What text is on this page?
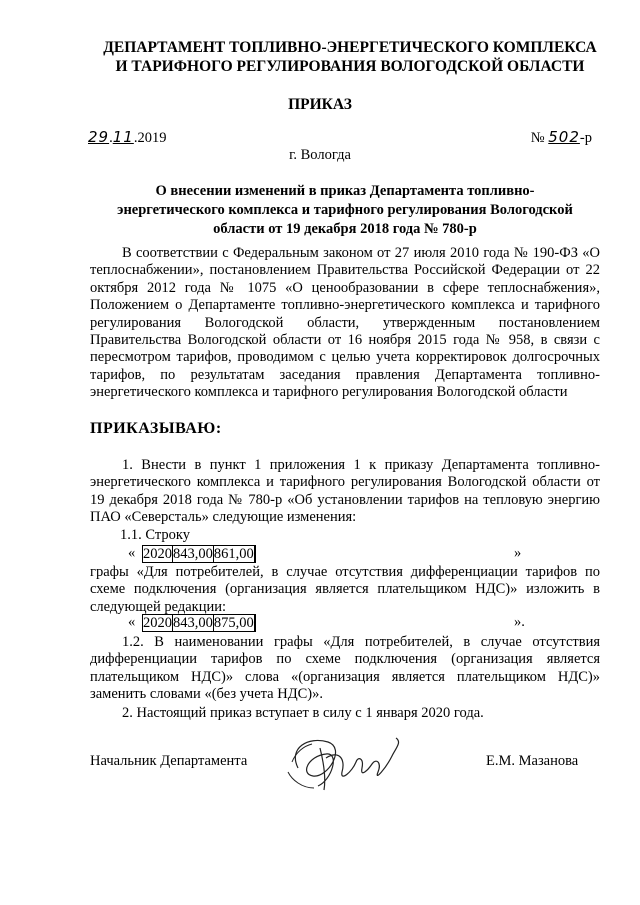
ДЕПАРТАМЕНТ ТОПЛИВНО-ЭНЕРГЕТИЧЕСКОГО КОМПЛЕКСА
И ТАРИФНОГО РЕГУЛИРОВАНИЯ ВОЛОГОДСКОЙ ОБЛАСТИ
ПРИКАЗ
29.11.2019	№ 502-р
г. Вологда
О внесении изменений в приказ Департамента топливно-
энергетического комплекса и тарифного регулирования Вологодской
области от 19 декабря 2018 года № 780-р
В соответствии с Федеральным законом от 27 июля 2010 года № 190-ФЗ «О теплоснабжении», постановлением Правительства Российской Федерации от 22 октября 2012 года № 1075 «О ценообразовании в сфере теплоснабжения», Положением о Департаменте топливно-энергетического комплекса и тарифного регулирования Вологодской области, утвержденным постановлением Правительства Вологодской области от 16 ноября 2015 года № 958, в связи с пересмотром тарифов, проводимом с целью учета корректировок долгосрочных тарифов, по результатам заседания правления Департамента топливно-энергетического комплекса и тарифного регулирования Вологодской области
ПРИКАЗЫВАЮ:
1. Внести в пункт 1 приложения 1 к приказу Департамента топливно-энергетического комплекса и тарифного регулирования Вологодской области от 19 декабря 2018 года № 780-р «Об установлении тарифов на тепловую энергию ПАО «Северсталь» следующие изменения:
1.1. Строку
« 2020	843,00	861,00		»
графы «Для потребителей, в случае отсутствия дифференциации тарифов по схеме подключения (организация является плательщиком НДС)» изложить в следующей редакции:
« 2020	843,00	875,00		».
1.2. В наименовании графы «Для потребителей, в случае отсутствия дифференциации тарифов по схеме подключения (организация является плательщиком НДС)» слова «(организация является плательщиком НДС)» заменить словами «(без учета НДС)».
2. Настоящий приказ вступает в силу с 1 января 2020 года.
Начальник Департамента	Е.М. Мазанова
